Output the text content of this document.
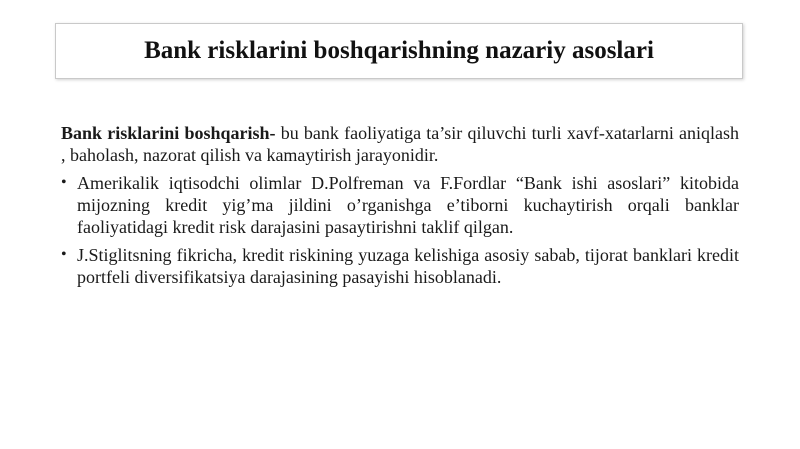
Bank risklarini boshqarishning nazariy asoslari

Bank risklarini boshqarish- bu bank faoliyatiga ta’sir qiluvchi turli xavf-xatarlarni aniqlash , baholash, nazorat qilish va kamaytirish jarayonidir.

• Amerikalik iqtisodchi olimlar D.Polfreman va F.Fordlar “Bank ishi asoslari” kitobida mijozning kredit yig’ma jildini o’rganishga e’tiborni kuchaytirish orqali banklar faoliyatidagi kredit risk darajasini pasaytirishni taklif qilgan.
• J.Stiglitsning fikricha, kredit riskining yuzaga kelishiga asosiy sabab, tijorat banklari kredit portfeli diversifikatsiya darajasining pasayishi hisoblanadi.
